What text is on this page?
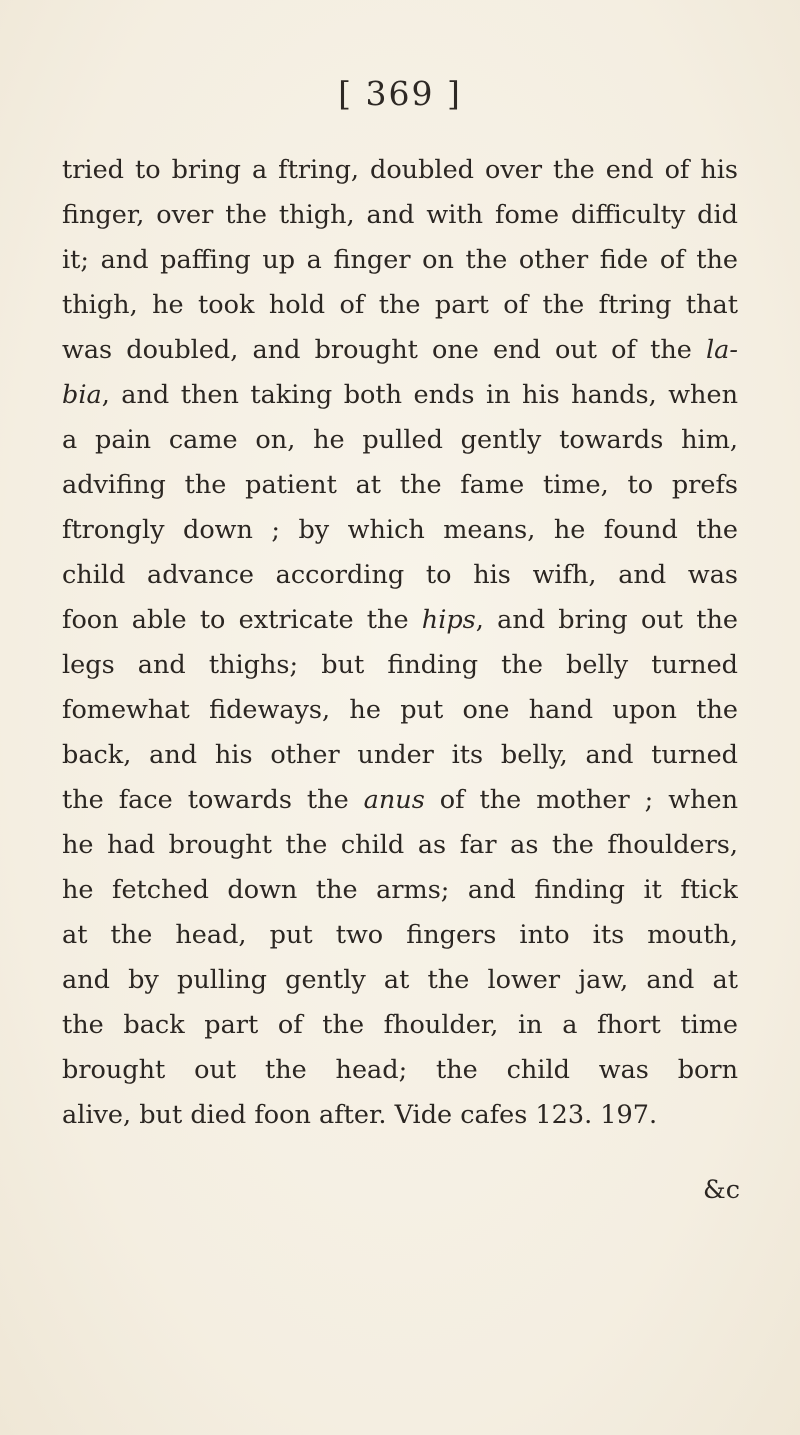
[ 369 ]
tried to bring a ftring, doubled over the end of his
finger, over the thigh, and with fome difficulty did
it; and paffing up a finger on the other fide of the
thigh, he took hold of the part of the ftring that
was doubled, and brought one end out of the la-
bia, and then taking both ends in his hands, when
a pain came on, he pulled gently towards him,
advifing the patient at the fame time, to prefs
ftrongly down ; by which means, he found the
child advance according to his wifh, and was
foon able to extricate the hips, and bring out the
legs and thighs; but finding the belly turned
fomewhat fideways, he put one hand upon the
back, and his other under its belly, and turned
the face towards the anus of the mother ; when
he had brought the child as far as the fhoulders,
he fetched down the arms; and finding it ftick
at the head, put two fingers into its mouth,
and by pulling gently at the lower jaw, and at
the back part of the fhoulder, in a fhort time
brought out the head; the child was born
alive, but died foon after. Vide cafes 123. 197.
&c
